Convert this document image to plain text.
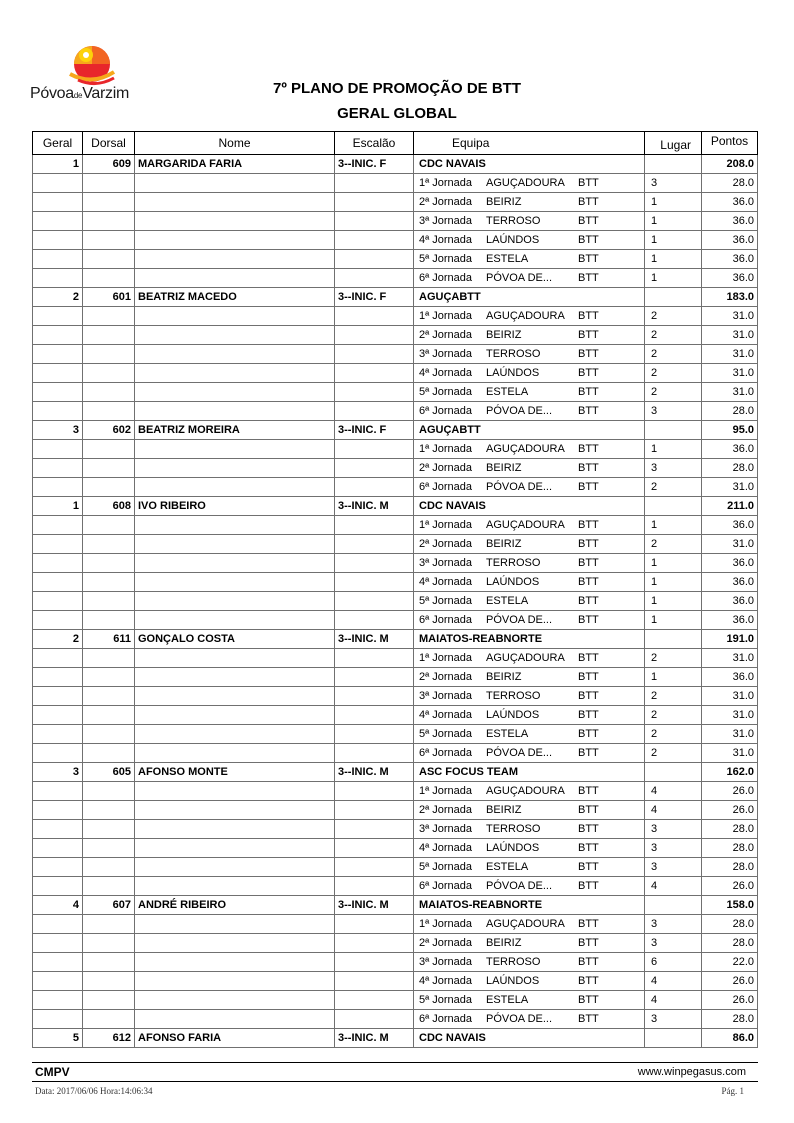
PóvoadeVarzim	7º PLANO DE PROMOÇÃO DE BTT
GERAL GLOBAL
Geral	Dorsal	Nome	Escalão	Equipa	Lugar	Pontos
1	609	MARGARIDA FARIA	3--INIC. F	CDC NAVAIS		208.0
				1ª Jornada AGUÇADOURA BTT	3	28.0
				2ª Jornada BEIRIZ BTT	1	36.0
				3ª Jornada TERROSO BTT	1	36.0
				4ª Jornada LAÚNDOS BTT	1	36.0
				5ª Jornada ESTELA BTT	1	36.0
				6ª Jornada PÓVOA DE... BTT	1	36.0
2	601	BEATRIZ MACEDO	3--INIC. F	AGUÇABTT		183.0
				1ª Jornada AGUÇADOURA BTT	2	31.0
				2ª Jornada BEIRIZ BTT	2	31.0
				3ª Jornada TERROSO BTT	2	31.0
				4ª Jornada LAÚNDOS BTT	2	31.0
				5ª Jornada ESTELA BTT	2	31.0
				6ª Jornada PÓVOA DE... BTT	3	28.0
3	602	BEATRIZ MOREIRA	3--INIC. F	AGUÇABTT		95.0
				1ª Jornada AGUÇADOURA BTT	1	36.0
				2ª Jornada BEIRIZ BTT	3	28.0
				6ª Jornada PÓVOA DE... BTT	2	31.0
1	608	IVO RIBEIRO	3--INIC. M	CDC NAVAIS		211.0
				1ª Jornada AGUÇADOURA BTT	1	36.0
				2ª Jornada BEIRIZ BTT	2	31.0
				3ª Jornada TERROSO BTT	1	36.0
				4ª Jornada LAÚNDOS BTT	1	36.0
				5ª Jornada ESTELA BTT	1	36.0
				6ª Jornada PÓVOA DE... BTT	1	36.0
2	611	GONÇALO COSTA	3--INIC. M	MAIATOS-REABNORTE		191.0
				1ª Jornada AGUÇADOURA BTT	2	31.0
				2ª Jornada BEIRIZ BTT	1	36.0
				3ª Jornada TERROSO BTT	2	31.0
				4ª Jornada LAÚNDOS BTT	2	31.0
				5ª Jornada ESTELA BTT	2	31.0
				6ª Jornada PÓVOA DE... BTT	2	31.0
3	605	AFONSO MONTE	3--INIC. M	ASC FOCUS TEAM		162.0
				1ª Jornada AGUÇADOURA BTT	4	26.0
				2ª Jornada BEIRIZ BTT	4	26.0
				3ª Jornada TERROSO BTT	3	28.0
				4ª Jornada LAÚNDOS BTT	3	28.0
				5ª Jornada ESTELA BTT	3	28.0
				6ª Jornada PÓVOA DE... BTT	4	26.0
4	607	ANDRÉ RIBEIRO	3--INIC. M	MAIATOS-REABNORTE		158.0
				1ª Jornada AGUÇADOURA BTT	3	28.0
				2ª Jornada BEIRIZ BTT	3	28.0
				3ª Jornada TERROSO BTT	6	22.0
				4ª Jornada LAÚNDOS BTT	4	26.0
				5ª Jornada ESTELA BTT	4	26.0
				6ª Jornada PÓVOA DE... BTT	3	28.0
5	612	AFONSO FARIA	3--INIC. M	CDC NAVAIS		86.0
CMPV	www.winpegasus.com
Data: 2017/06/06 Hora:14:06:34	Pág. 1
